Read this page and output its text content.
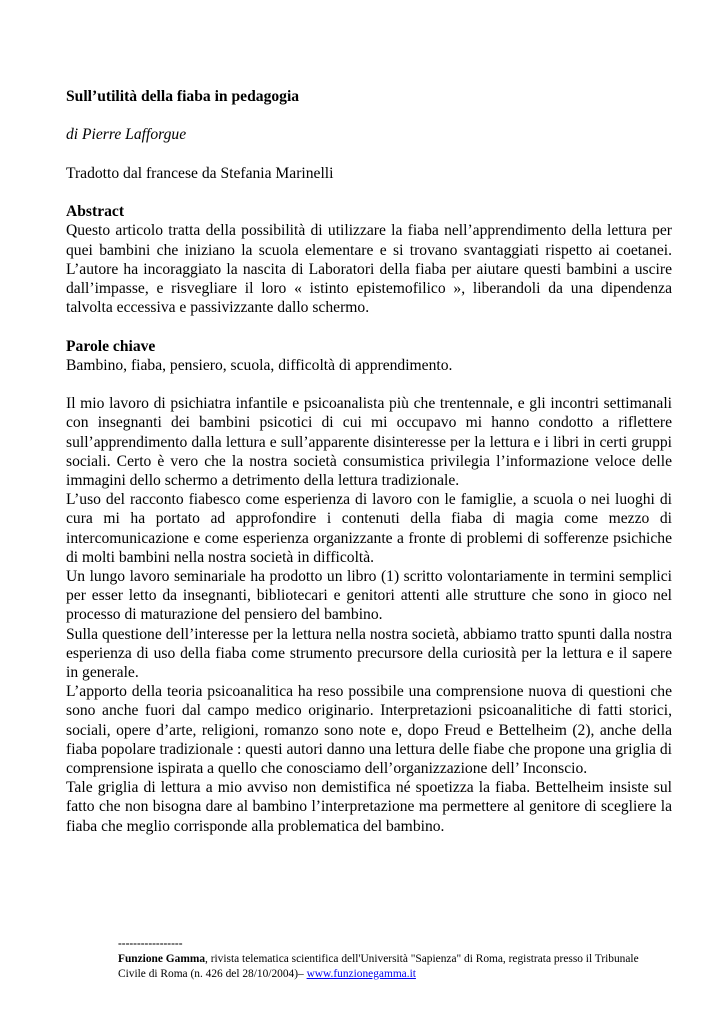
Sull’utilità della fiaba in pedagogia

di Pierre Lafforgue

Tradotto dal francese da Stefania Marinelli

Abstract

Questo articolo tratta della possibilità di utilizzare la fiaba nell’apprendimento della lettura per quei bambini che iniziano la scuola elementare e si trovano svantaggiati rispetto ai coetanei. L’autore ha incoraggiato la nascita di Laboratori della fiaba per aiutare questi bambini a uscire dall’impasse, e risvegliare il loro « istinto epistemofilico », liberandoli da una dipendenza talvolta eccessiva e passivizzante dallo schermo.

Parole chiave

Bambino, fiaba, pensiero, scuola, difficoltà di apprendimento.

Il mio lavoro di psichiatra infantile e psicoanalista più che trentennale, e gli incontri settimanali con insegnanti dei bambini psicotici di cui mi occupavo mi hanno condotto a riflettere sull’apprendimento dalla lettura e sull’apparente disinteresse per la lettura e i libri in certi gruppi sociali. Certo è vero che la nostra società consumistica privilegia l’informazione veloce delle immagini dello schermo a detrimento della lettura tradizionale.

L’uso del racconto fiabesco come esperienza di lavoro con le famiglie, a scuola o nei luoghi di cura mi ha portato ad approfondire i contenuti della fiaba di magia come mezzo di intercomunicazione e come esperienza organizzante a fronte di problemi di sofferenze psichiche di molti bambini nella nostra società in difficoltà.

Un lungo lavoro seminariale ha prodotto un libro (1) scritto volontariamente in termini semplici per esser letto da insegnanti, bibliotecari e genitori attenti alle strutture che sono in gioco nel processo di maturazione del pensiero del bambino.

Sulla questione dell’interesse per la lettura nella nostra società, abbiamo tratto spunti dalla nostra esperienza di uso della fiaba come strumento precursore della curiosità per la lettura e il sapere in generale.

L’apporto della teoria psicoanalitica ha reso possibile una comprensione nuova di questioni che sono anche fuori dal campo medico originario. Interpretazioni psicoanalitiche di fatti storici, sociali, opere d’arte, religioni, romanzo sono note e, dopo Freud e Bettelheim (2), anche della fiaba popolare tradizionale : questi autori danno una lettura delle fiabe che propone una griglia di comprensione ispirata a quello che conosciamo dell’organizzazione dell’ Inconscio.

Tale griglia di lettura a mio avviso non demistifica né spoetizza la fiaba. Bettelheim insiste sul fatto che non bisogna dare al bambino l’interpretazione ma permettere al genitore di scegliere la fiaba che meglio corrisponde alla problematica del bambino.

-----------------
Funzione Gamma, rivista telematica scientifica dell'Università "Sapienza" di Roma, registrata presso il Tribunale Civile di Roma (n. 426 del 28/10/2004)– www.funzionegamma.it
